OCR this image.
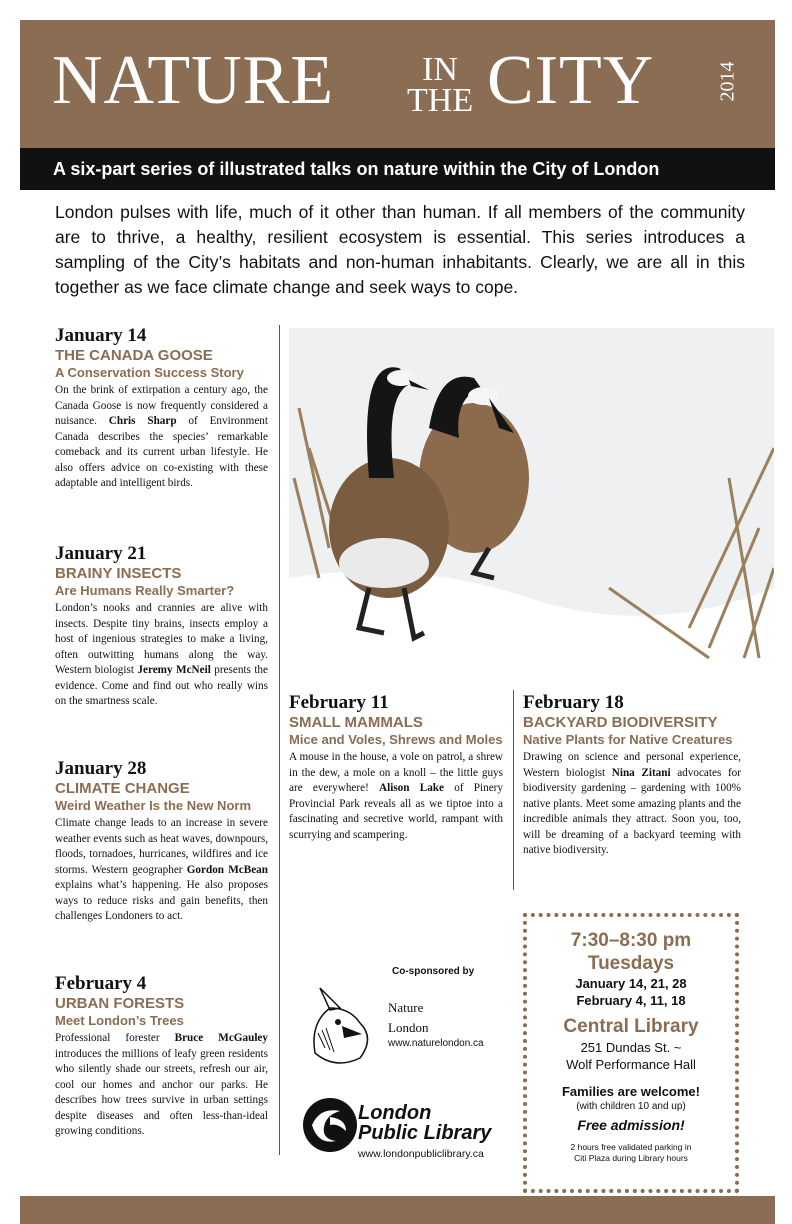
NATURE	IN
THE CITY	2014
A six-part series of illustrated talks on nature within the City of London

London pulses with life, much of it other than human. If all members of the community are to thrive, a healthy, resilient ecosystem is essential. This series introduces a sampling of the City’s habitats and non-human inhabitants. Clearly, we are all in this together as we face climate change and seek ways to cope.

January 14
THE CANADA GOOSE
A Conservation Success Story

On the brink of extirpation a century ago, the Canada Goose is now frequently considered a nuisance. Chris Sharp of Environment Canada describes the species’ remarkable comeback and its current urban lifestyle. He also offers advice on co-existing with these adaptable and intelligent birds.

January 21
BRAINY INSECTS
Are Humans Really Smarter?

London’s nooks and crannies are alive with insects. Despite tiny brains, insects employ a host of ingenious strategies to make a living, often outwitting humans along the way. Western biologist Jeremy McNeil presents the evidence. Come and find out who really wins on the smartness scale.

January 28
CLIMATE CHANGE
Weird Weather Is the New Norm

Climate change leads to an increase in severe weather events such as heat waves, downpours, floods, tornadoes, hurricanes, wildfires and ice storms. Western geographer Gordon McBean explains what’s happening. He also proposes ways to reduce risks and gain benefits, then challenges Londoners to act.

February 4
URBAN FORESTS
Meet London’s Trees

Professional forester Bruce McGauley introduces the millions of leafy green residents who silently shade our streets, refresh our air, cool our homes and anchor our parks. He describes how trees survive in urban settings despite diseases and often less-than-ideal growing conditions.

February 11
SMALL MAMMALS
Mice and Voles, Shrews and Moles

A mouse in the house, a vole on patrol, a shrew in the dew, a mole on a knoll – the little guys are everywhere! Alison Lake of Pinery Provincial Park reveals all as we tiptoe into a fascinating and secretive world, rampant with scurrying and scampering.

February 18
BACKYARD BIODIVERSITY
Native Plants for Native Creatures

Drawing on science and personal experience, Western biologist Nina Zitani advocates for biodiversity gardening – gardening with 100% native plants. Meet some amazing plants and the incredible animals they attract. Soon you, too, will be dreaming of a backyard teeming with native biodiversity.

Co-sponsored by
Nature
London
www.naturelondon.ca
London
Public Library
www.londonpubliclibrary.ca
7:30–8:30 pm
Tuesdays
January 14, 21, 28
February 4, 11, 18
Central Library
251 Dundas St. ~
Wolf Performance Hall
Families are welcome!
(with children 10 and up)
Free admission!
2 hours free validated parking in
Citi Plaza during Library hours
